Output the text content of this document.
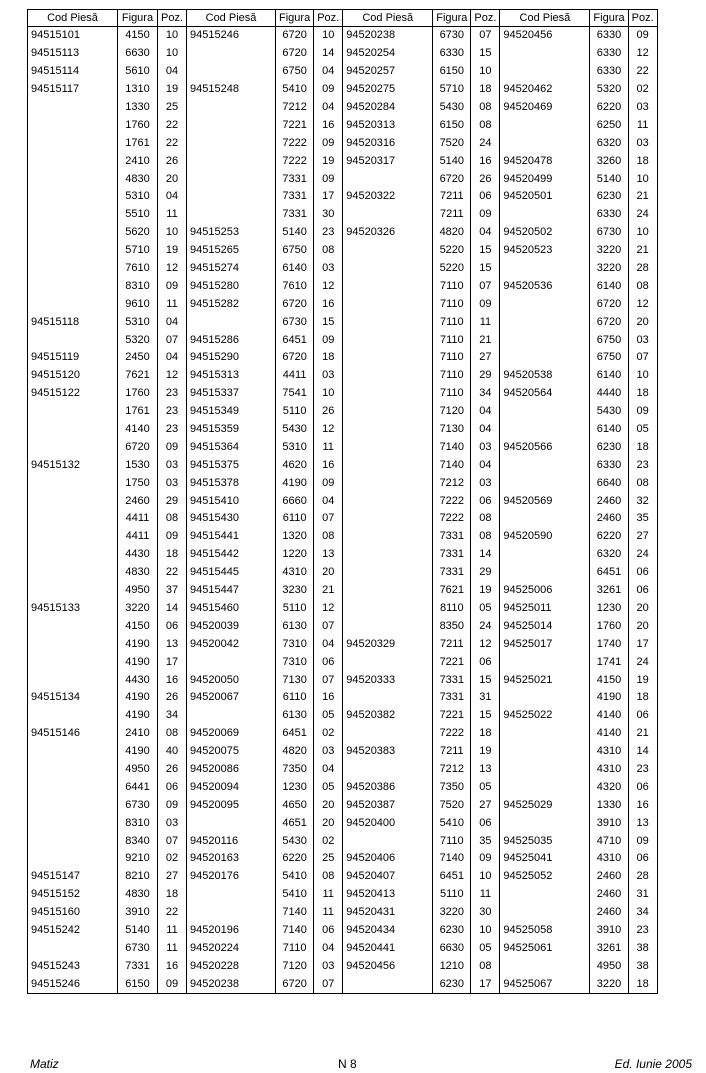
Cod Piesă	Figura	Poz.	Cod Piesă	Figura	Poz.	Cod Piesă	Figura	Poz.	Cod Piesă	Figura	Poz.
94515101	4150	10	94515246	6720	10	94520238	6730	07	94520456	6330	09
94515113	6630	10		6720	14	94520254	6330	15		6330	12
94515114	5610	04		6750	04	94520257	6150	10		6330	22
94515117	1310	19	94515248	5410	09	94520275	5710	18	94520462	5320	02
	1330	25		7212	04	94520284	5430	08	94520469	6220	03
	1760	22		7221	16	94520313	6150	08		6250	11
	1761	22		7222	09	94520316	7520	24		6320	03
	2410	26		7222	19	94520317	5140	16	94520478	3260	18
	4830	20		7331	09		6720	26	94520499	5140	10
	5310	04		7331	17	94520322	7211	06	94520501	6230	21
	5510	11		7331	30		7211	09		6330	24
	5620	10	94515253	5140	23	94520326	4820	04	94520502	6730	10
	5710	19	94515265	6750	08		5220	15	94520523	3220	21
	7610	12	94515274	6140	03		5220	15		3220	28
	8310	09	94515280	7610	12		7110	07	94520536	6140	08
	9610	11	94515282	6720	16		7110	09		6720	12
94515118	5310	04		6730	15		7110	11		6720	20
	5320	07	94515286	6451	09		7110	21		6750	03
94515119	2450	04	94515290	6720	18		7110	27		6750	07
94515120	7621	12	94515313	4411	03		7110	29	94520538	6140	10
94515122	1760	23	94515337	7541	10		7110	34	94520564	4440	18
	1761	23	94515349	5110	26		7120	04		5430	09
	4140	23	94515359	5430	12		7130	04		6140	05
	6720	09	94515364	5310	11		7140	03	94520566	6230	18
94515132	1530	03	94515375	4620	16		7140	04		6330	23
	1750	03	94515378	4190	09		7212	03		6640	08
	2460	29	94515410	6660	04		7222	06	94520569	2460	32
	4411	08	94515430	6110	07		7222	08		2460	35
	4411	09	94515441	1320	08		7331	08	94520590	6220	27
	4430	18	94515442	1220	13		7331	14		6320	24
	4830	22	94515445	4310	20		7331	29		6451	06
	4950	37	94515447	3230	21		7621	19	94525006	3261	06
94515133	3220	14	94515460	5110	12		8110	05	94525011	1230	20
	4150	06	94520039	6130	07		8350	24	94525014	1760	20
	4190	13	94520042	7310	04	94520329	7211	12	94525017	1740	17
	4190	17		7310	06		7221	06		1741	24
	4430	16	94520050	7130	07	94520333	7331	15	94525021	4150	19
94515134	4190	26	94520067	6110	16		7331	31		4190	18
	4190	34		6130	05	94520382	7221	15	94525022	4140	06
94515146	2410	08	94520069	6451	02		7222	18		4140	21
	4190	40	94520075	4820	03	94520383	7211	19		4310	14
	4950	26	94520086	7350	04		7212	13		4310	23
	6441	06	94520094	1230	05	94520386	7350	05		4320	06
	6730	09	94520095	4650	20	94520387	7520	27	94525029	1330	16
	8310	03		4651	20	94520400	5410	06		3910	13
	8340	07	94520116	5430	02		7110	35	94525035	4710	09
	9210	02	94520163	6220	25	94520406	7140	09	94525041	4310	06
94515147	8210	27	94520176	5410	08	94520407	6451	10	94525052	2460	28
94515152	4830	18		5410	11	94520413	5110	11		2460	31
94515160	3910	22		7140	11	94520431	3220	30		2460	34
94515242	5140	11	94520196	7140	06	94520434	6230	10	94525058	3910	23
	6730	11	94520224	7110	04	94520441	6630	05	94525061	3261	38
94515243	7331	16	94520228	7120	03	94520456	1210	08		4950	38
94515246	6150	09	94520238	6720	07		6230	17	94525067	3220	18
Matiz	N 8	Ed. Iunie 2005
